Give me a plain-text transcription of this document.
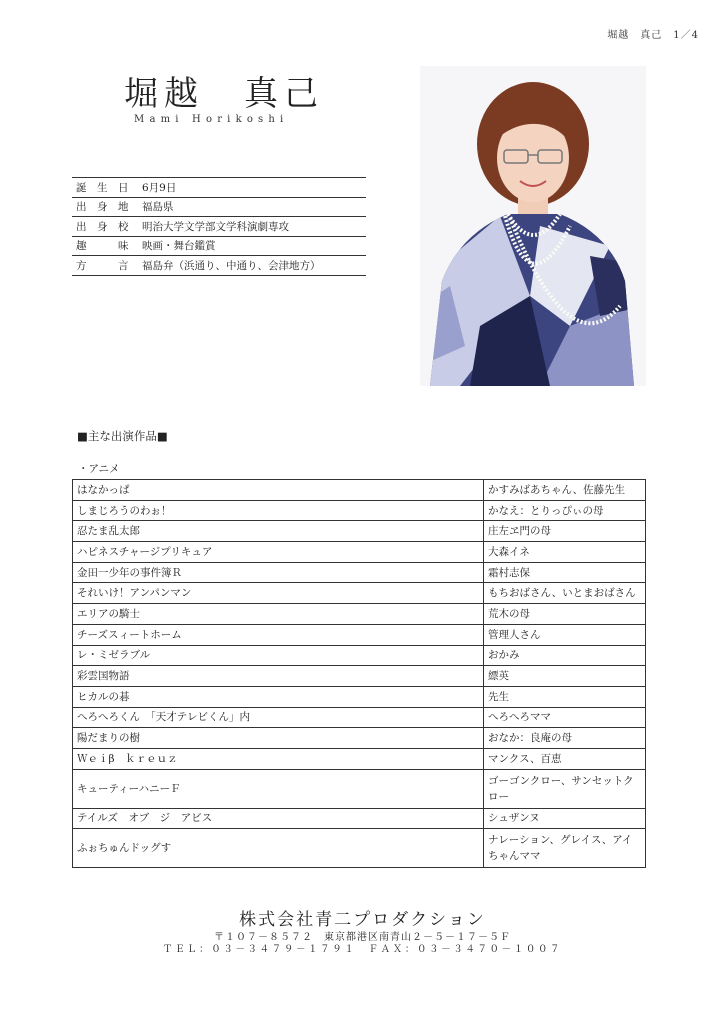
堀越　真己　1／4
堀越　真己
Mami Horikoshi
誕　生　日	6月9日
出　身　地	福島県
出　身　校	明治大学文学部文学科演劇専攻
趣　　　味	映画・舞台鑑賞
方　　　言	福島弁（浜通り、中通り、会津地方）
■主な出演作品■
・アニメ
はなかっぱ	かすみばあちゃん、佐藤先生
しまじろうのわぉ！	かなえ：とりっぴぃの母
忍たま乱太郎	庄左ヱ門の母
ハピネスチャージプリキュア	大森イネ
金田一少年の事件簿Ｒ	霜村志保
それいけ！アンパンマン	もちおばさん、いとまおばさん
エリアの騎士	荒木の母
チーズスィートホーム	管理人さん
レ・ミゼラブル	おかみ
彩雲国物語	縹英
ヒカルの碁	先生
へろへろくん　「天才テレビくん」内	へろへろママ
陽だまりの樹	おなか：良庵の母
Ｗｅｉβ　ｋｒｅｕｚ	マンクス、百恵
キューティーハニーＦ	ゴーゴンクロー、サンセットクロー
テイルズ　オブ　ジ　アビス	シュザンヌ
ふぉちゅんドッグす	ナレーション、グレイス、アイちゃんママ
株式会社青二プロダクション
〒１０７－８５７２　東京都港区南青山２－５－１７－５Ｆ
ＴＥＬ：０３－３４７９－１７９１　ＦＡＸ：０３－３４７０－１００７
